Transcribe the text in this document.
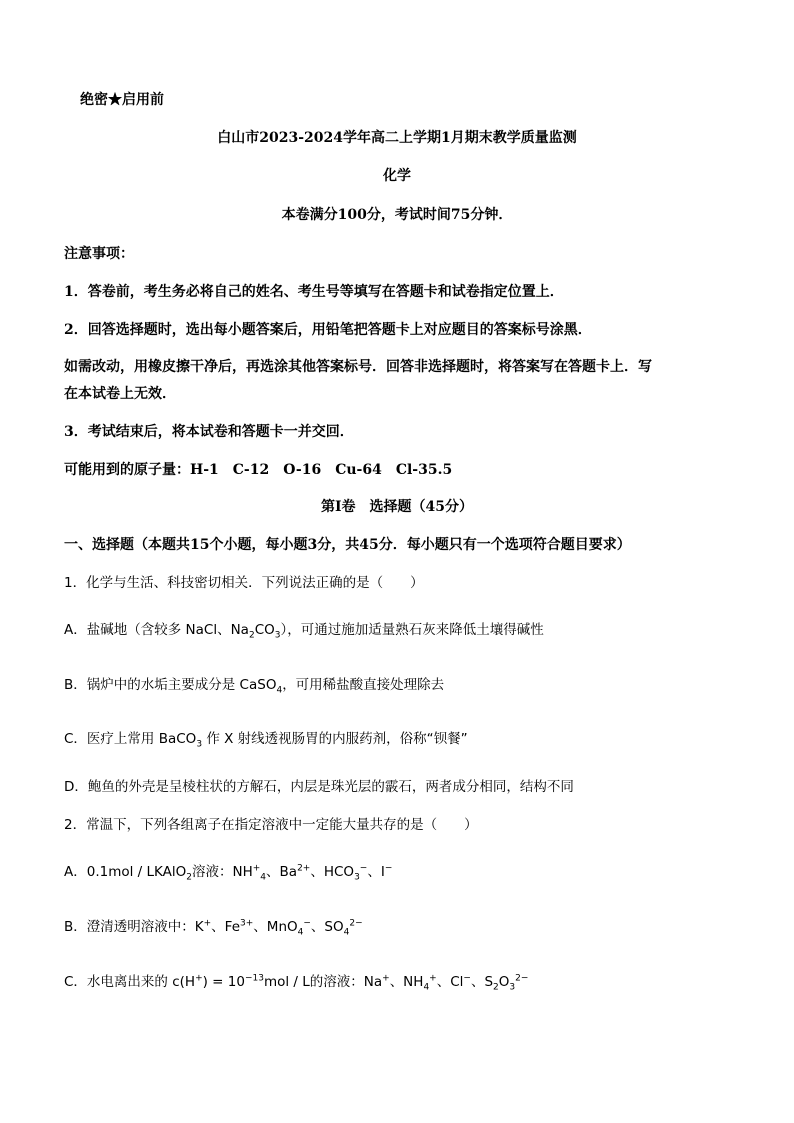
绝密★启用前
白山市2023-2024学年高二上学期1月期末教学质量监测
化学
本卷满分100分，考试时间75分钟．
注意事项：
1．答卷前，考生务必将自己的姓名、考生号等填写在答题卡和试卷指定位置上．
2．回答选择题时，选出每小题答案后，用铅笔把答题卡上对应题目的答案标号涂黑．
如需改动，用橡皮擦干净后，再选涂其他答案标号．回答非选择题时，将答案写在答题卡上．写
在本试卷上无效．
3．考试结束后，将本试卷和答题卡一并交回．
可能用到的原子量：H-1　C-12　O-16　Cu-64　Cl-35.5
第Ⅰ卷　选择题（45分）
一、选择题（本题共15个小题，每小题3分，共45分．每小题只有一个选项符合题目要求）
1．化学与生活、科技密切相关．下列说法正确的是（　　）
A．盐碱地（含较多 NaCl、$Na_2CO_3$），可通过施加适量熟石灰来降低土壤得碱性
B．锅炉中的水垢主要成分是 CaSO$_4$，可用稀盐酸直接处理除去
C．医疗上常用 BaCO$_3$ 作 X 射线透视肠胃的内服药剂，俗称“钡餐”
D．鲍鱼的外壳是呈棱柱状的方解石，内层是珠光层的霰石，两者成分相同，结构不同
2．常温下，下列各组离子在指定溶液中一定能大量共存的是（　　）
A．0.1mol / LKAlO$_2$溶液：$NH^+_4$、$Ba^{2+}$、$HCO_3^-$、I−
B．澄清透明溶液中：K+、$Fe^{3+}$、MnO$_4$−、$SO_4^{2-}$
C．水电离出来的 $c(H^+) = 10^{-13}mol / L$的溶液：Na+、$NH_4^+$、Cl−、$S_2O_3^{2-}$
